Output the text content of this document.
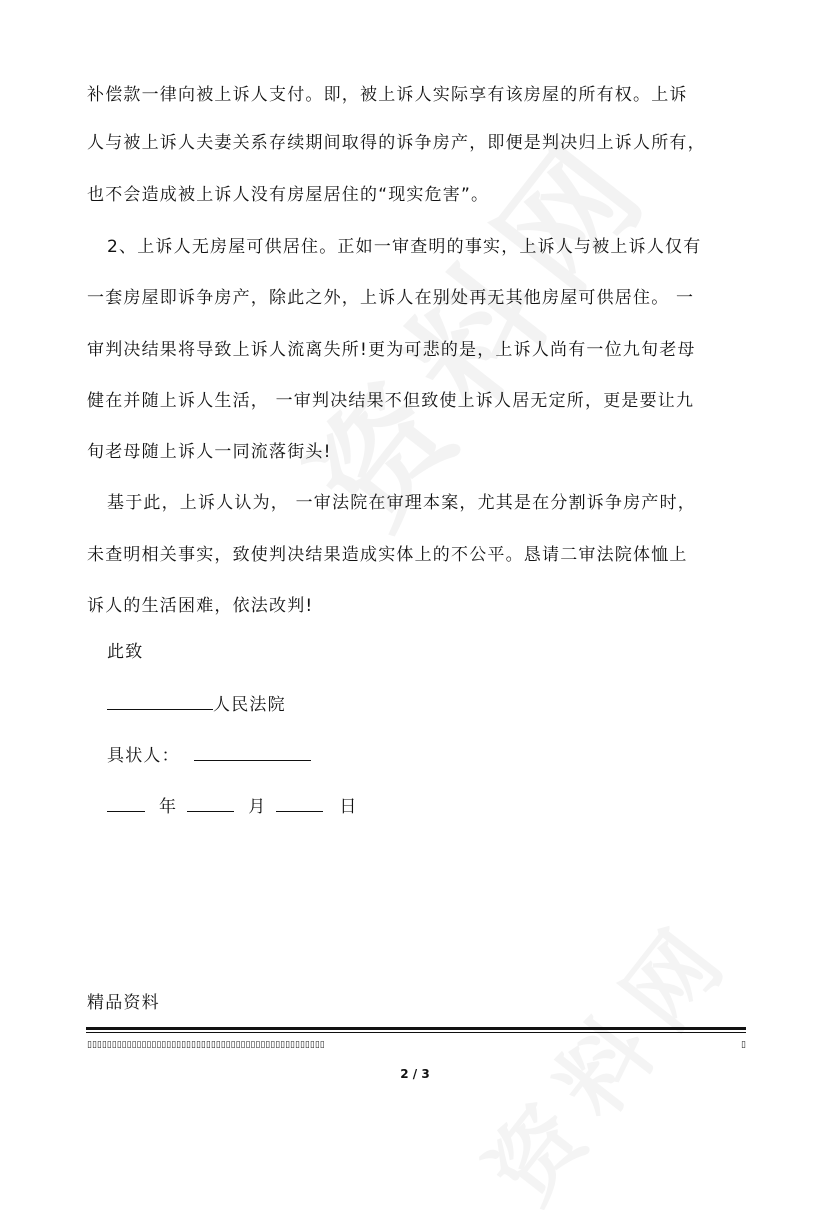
补偿款一律向被上诉人支付。即，被上诉人实际享有该房屋的所有权。上诉
人与被上诉人夫妻关系存续期间取得的诉争房产，即便是判决归上诉人所有，
也不会造成被上诉人没有房屋居住的“现实危害”。
2、上诉人无房屋可供居住。正如一审查明的事实，上诉人与被上诉人仅有
一套房屋即诉争房产，除此之外，上诉人在别处再无其他房屋可供居住。 一
审判决结果将导致上诉人流离失所!更为可悲的是，上诉人尚有一位九旬老母
健在并随上诉人生活， 一审判决结果不但致使上诉人居无定所，更是要让九
旬老母随上诉人一同流落街头!
基于此，上诉人认为， 一审法院在审理本案，尤其是在分割诉争房产时，
未查明相关事实，致使判决结果造成实体上的不公平。恳请二审法院体恤上
诉人的生活困难，依法改判!
此致
人民法院
具状人：
年	月	日
精品资料
▯▯▯▯▯▯▯▯▯▯▯▯▯▯▯▯▯▯▯▯▯▯▯▯▯▯▯▯▯▯▯▯▯▯▯▯▯▯▯▯▯▯▯▯▯▯▯▯	▯
2 / 3
